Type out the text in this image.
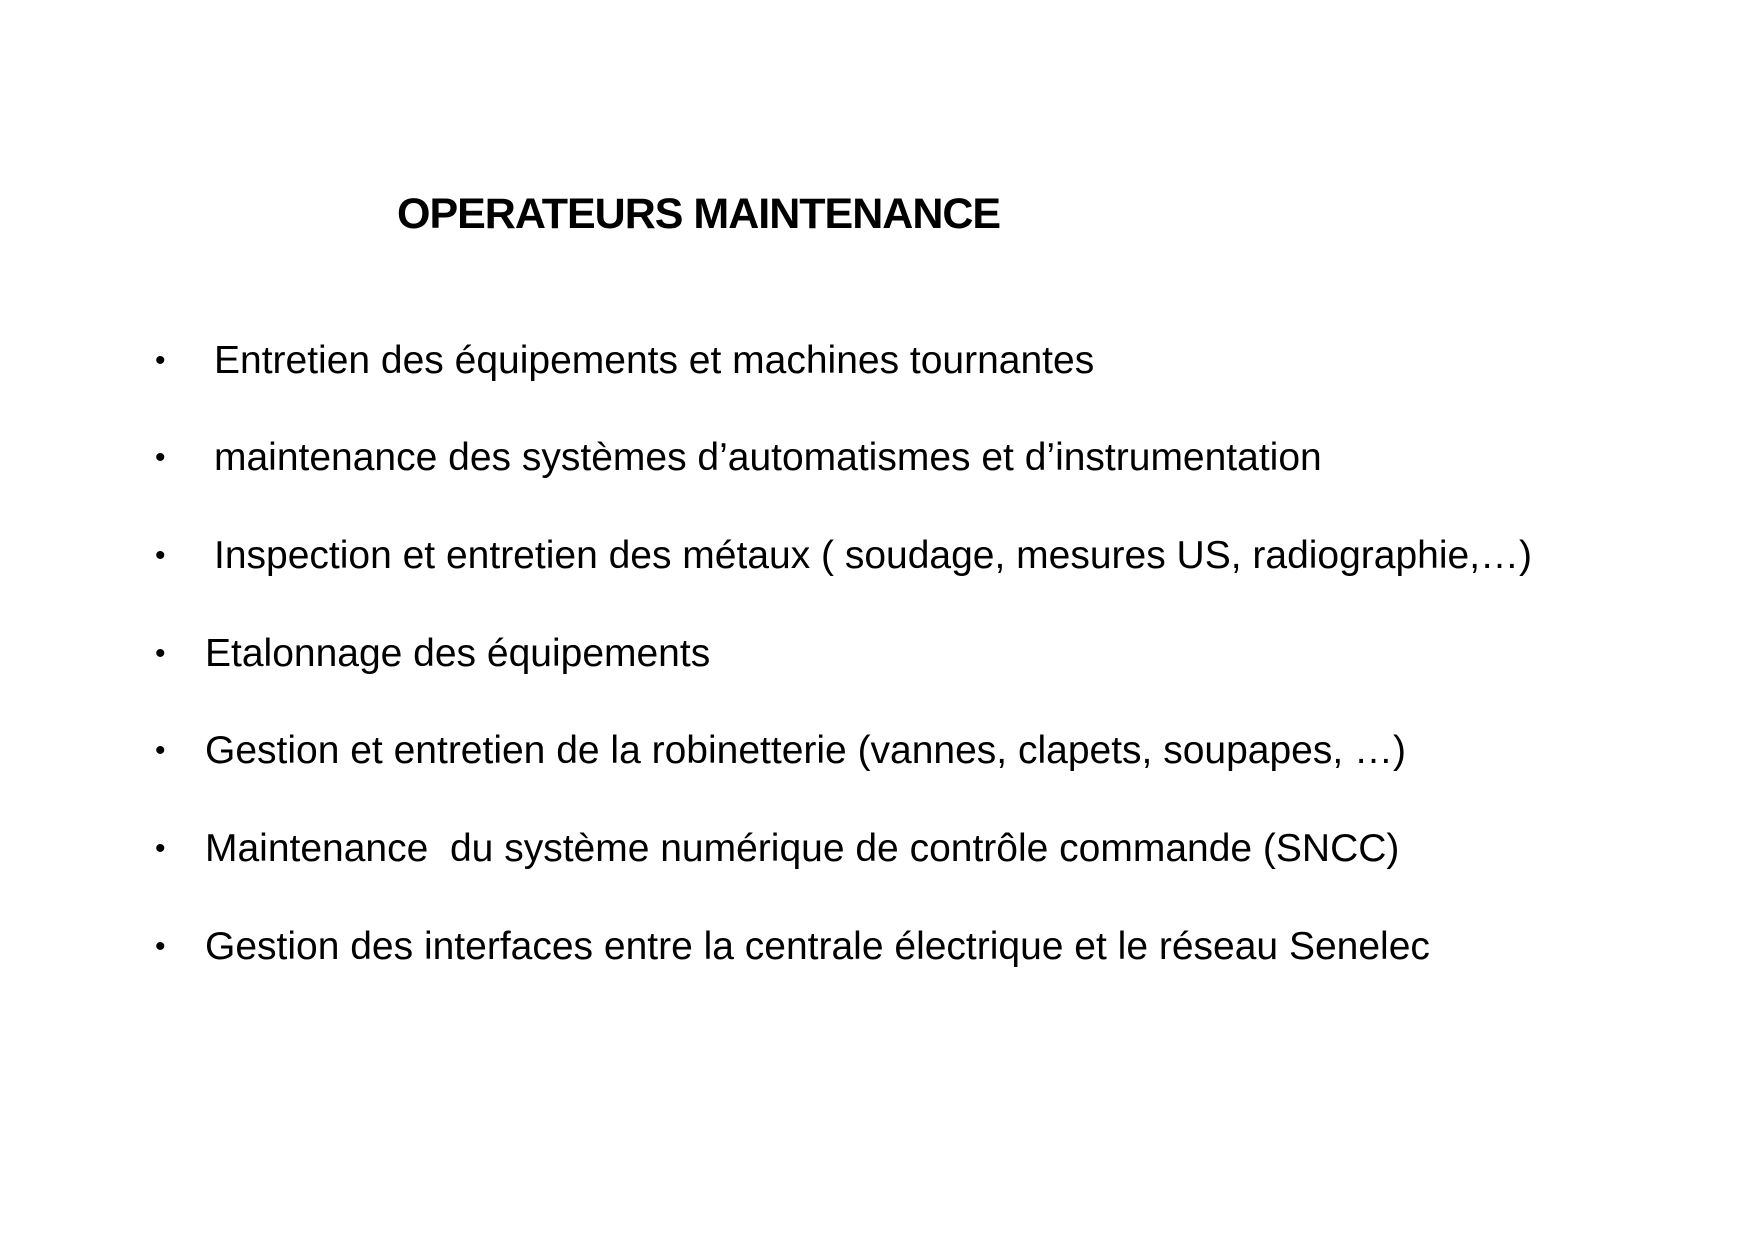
OPERATEURS MAINTENANCE
• Entretien des équipements et machines tournantes
• maintenance des systèmes d’automatismes et d’instrumentation
• Inspection et entretien des métaux ( soudage, mesures US, radiographie,…)
• Etalonnage des équipements
• Gestion et entretien de la robinetterie (vannes, clapets, soupapes, …)
• Maintenance  du système numérique de contrôle commande (SNCC)
• Gestion des interfaces entre la centrale électrique et le réseau Senelec
